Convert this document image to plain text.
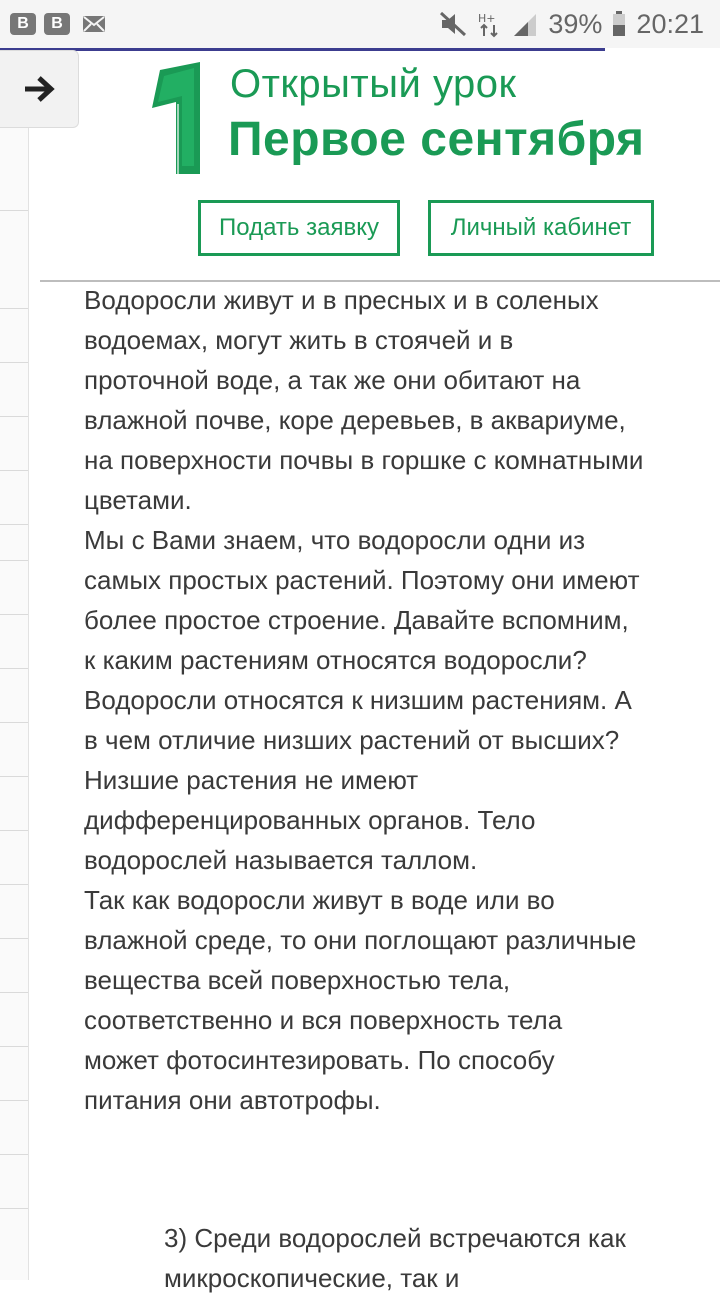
B	B	H+ 39% 20:21
Открытый урок
Первое сентября
Подать заявку	Личный кабинет

Водоросли живут и в пресных и в соленых водоемах, могут жить в стоячей и в проточной воде, а так же они обитают на влажной почве, коре деревьев, в аквариуме, на поверхности почвы в горшке с комнатными цветами.

Мы с Вами знаем, что водоросли одни из самых простых растений. Поэтому они имеют более простое строение. Давайте вспомним, к каким растениям относятся водоросли?

Водоросли относятся к низшим растениям. А в чем отличие низших растений от высших?

Низшие растения не имеют дифференцированных органов. Тело водорослей называется таллом.

Так как водоросли живут в воде или во влажной среде, то они поглощают различные вещества всей поверхностью тела, соответственно и вся поверхность тела может фотосинтезировать. По способу питания они автотрофы.

3) Среди водорослей встречаются как микроскопические, так и
